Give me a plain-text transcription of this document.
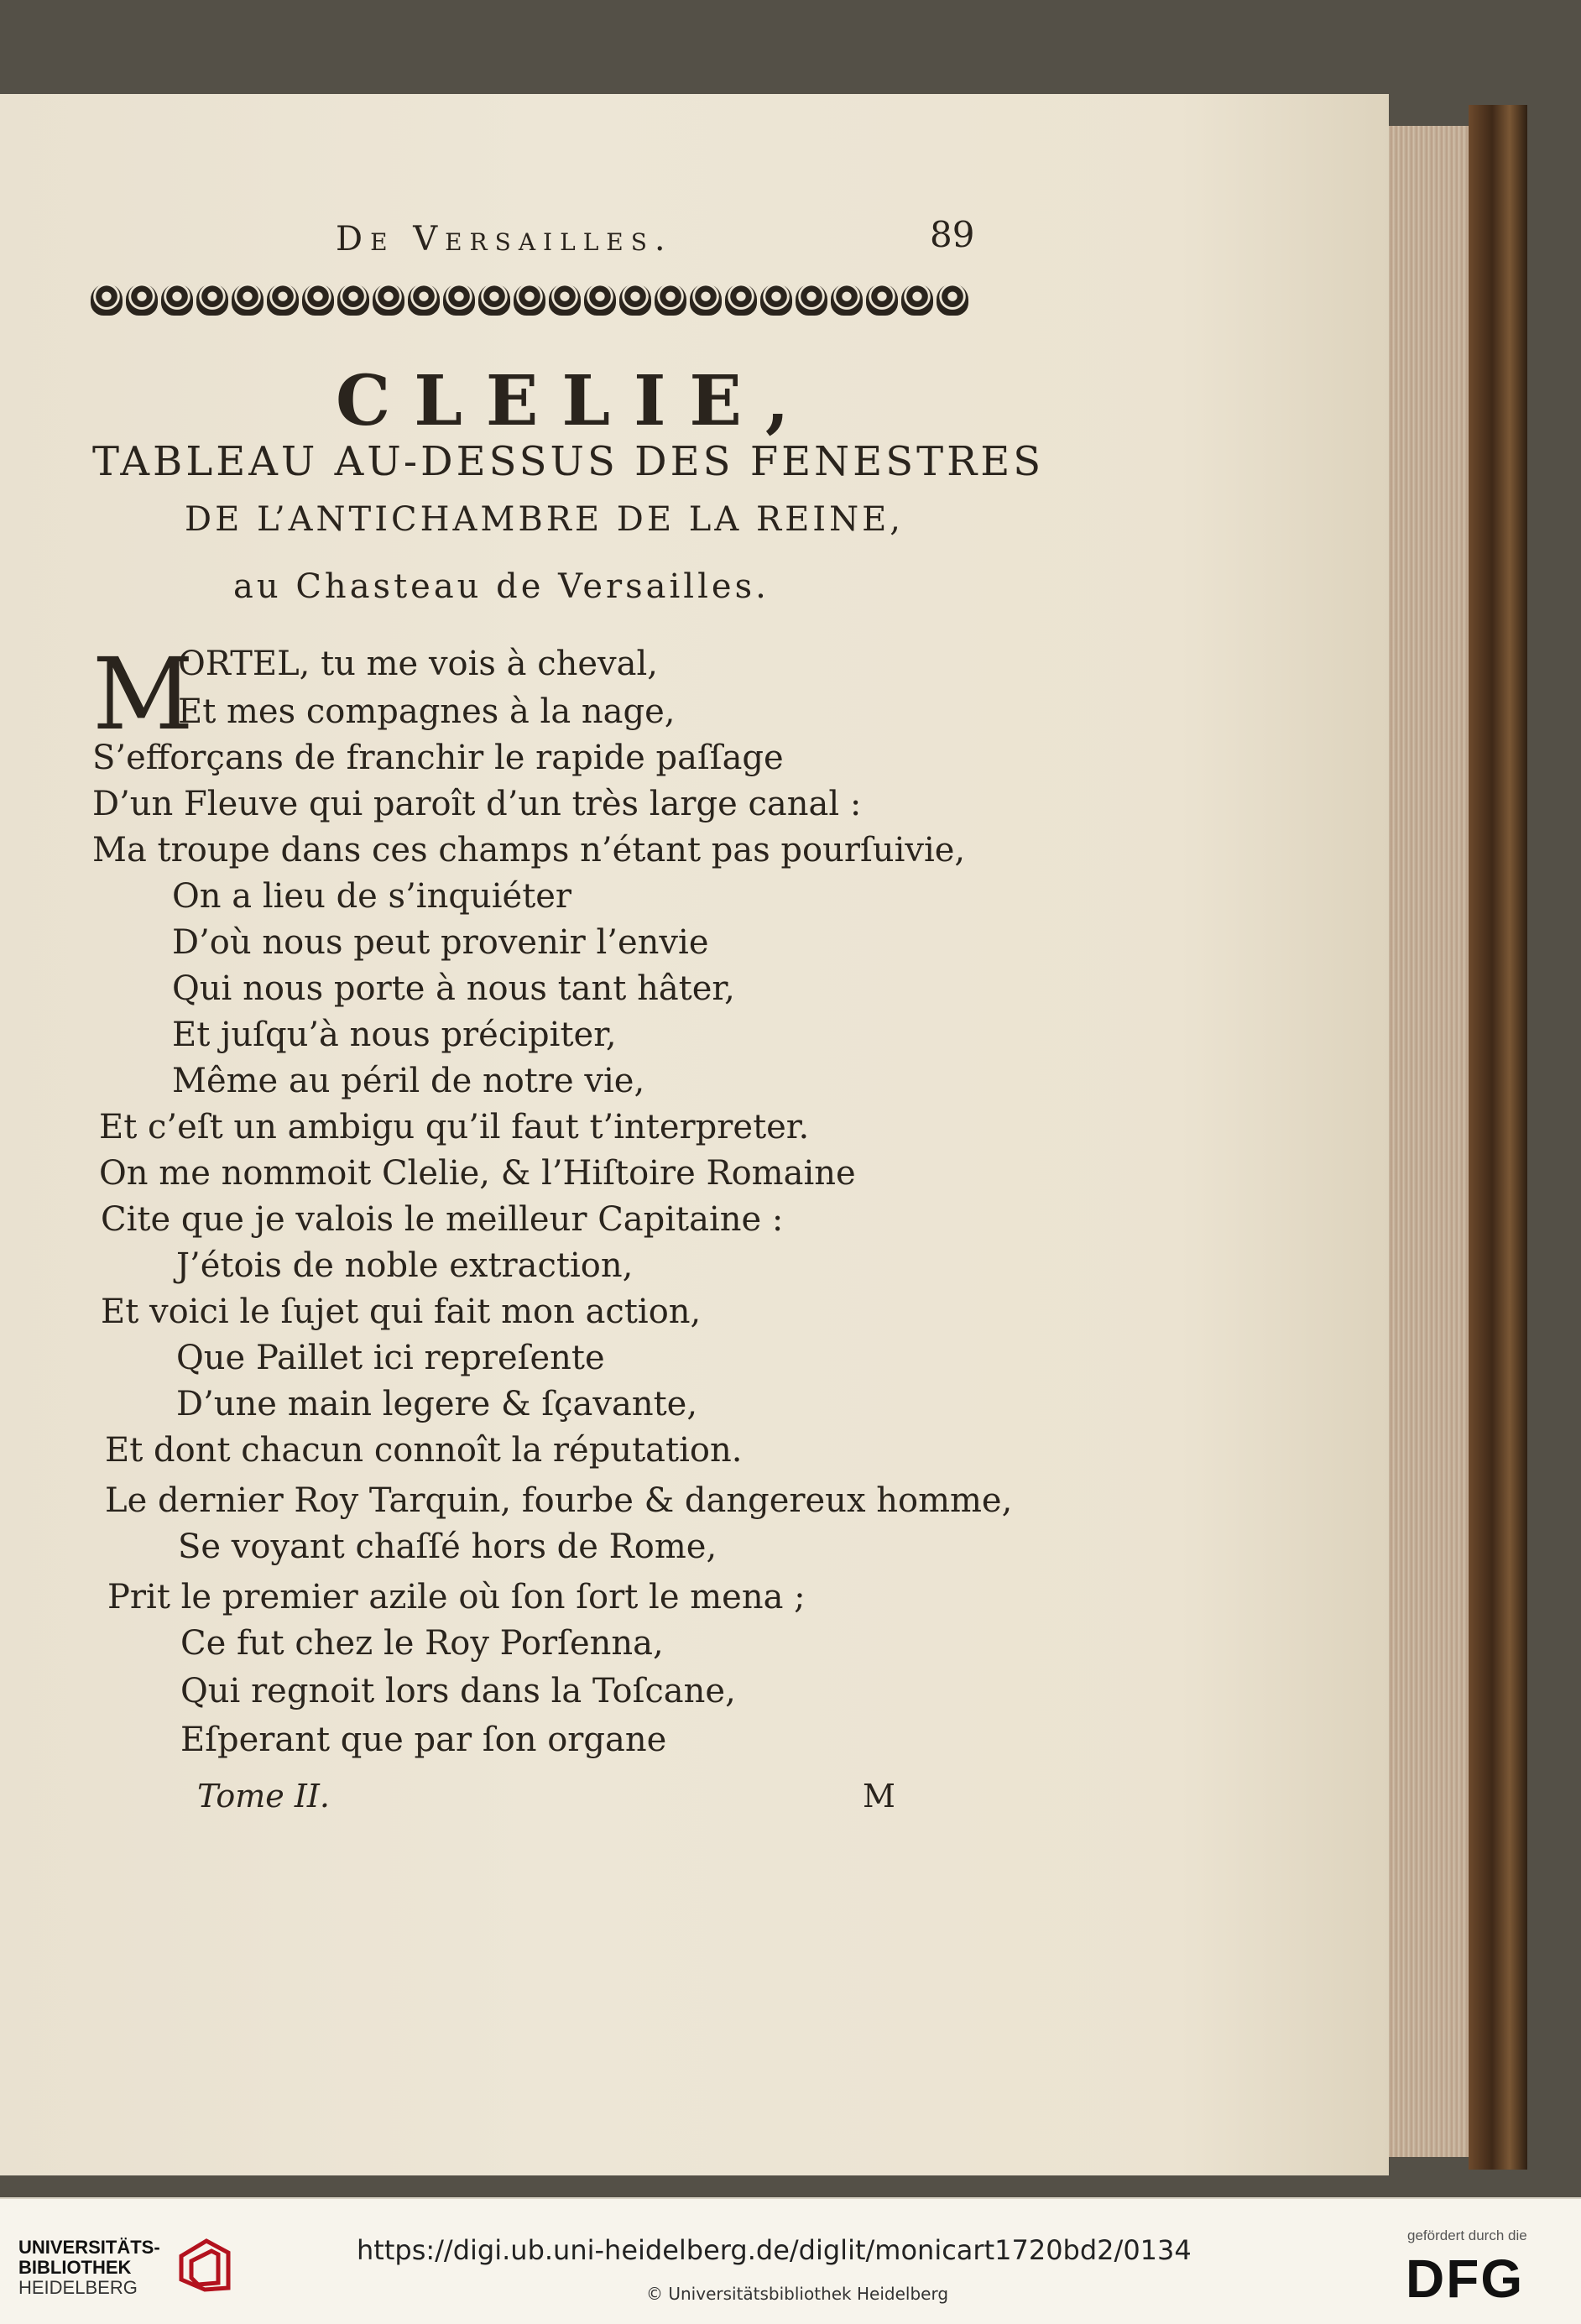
De Versailles.	89
CLELIE,
TABLEAU AU-DESSUS DES FENESTRES
DE L’ANTICHAMBRE DE LA REINE,
au Chasteau de Versailles.
M
ORTEL, tu me vois à cheval,
Et mes compagnes à la nage,
S’efforçans de franchir le rapide paſſage
D’un Fleuve qui paroît d’un très large canal :
Ma troupe dans ces champs n’étant pas pourſuivie,
On a lieu de s’inquiéter
D’où nous peut provenir l’envie
Qui nous porte à nous tant hâter,
Et juſqu’à nous précipiter,
Même au péril de notre vie,
Et c’eſt un ambigu qu’il faut t’interpreter.
On me nommoit Clelie, & l’Hiſtoire Romaine
Cite que je valois le meilleur Capitaine :
J’étois de noble extraction,
Et voici le ſujet qui fait mon action,
Que Paillet ici repreſente
D’une main legere & ſçavante,
Et dont chacun connoît la réputation.
Le dernier Roy Tarquin, fourbe & dangereux homme,
Se voyant chaſſé hors de Rome,
Prit le premier azile où ſon ſort le mena ;
Ce fut chez le Roy Porſenna,
Qui regnoit lors dans la Toſcane,
Eſperant que par ſon organe
Tome II.	M
UNIVERSITÄTS-
BIBLIOTHEK
HEIDELBERG
https://digi.ub.uni-heidelberg.de/diglit/monicart1720bd2/0134
© Universitätsbibliothek Heidelberg
gefördert durch die
DFG
